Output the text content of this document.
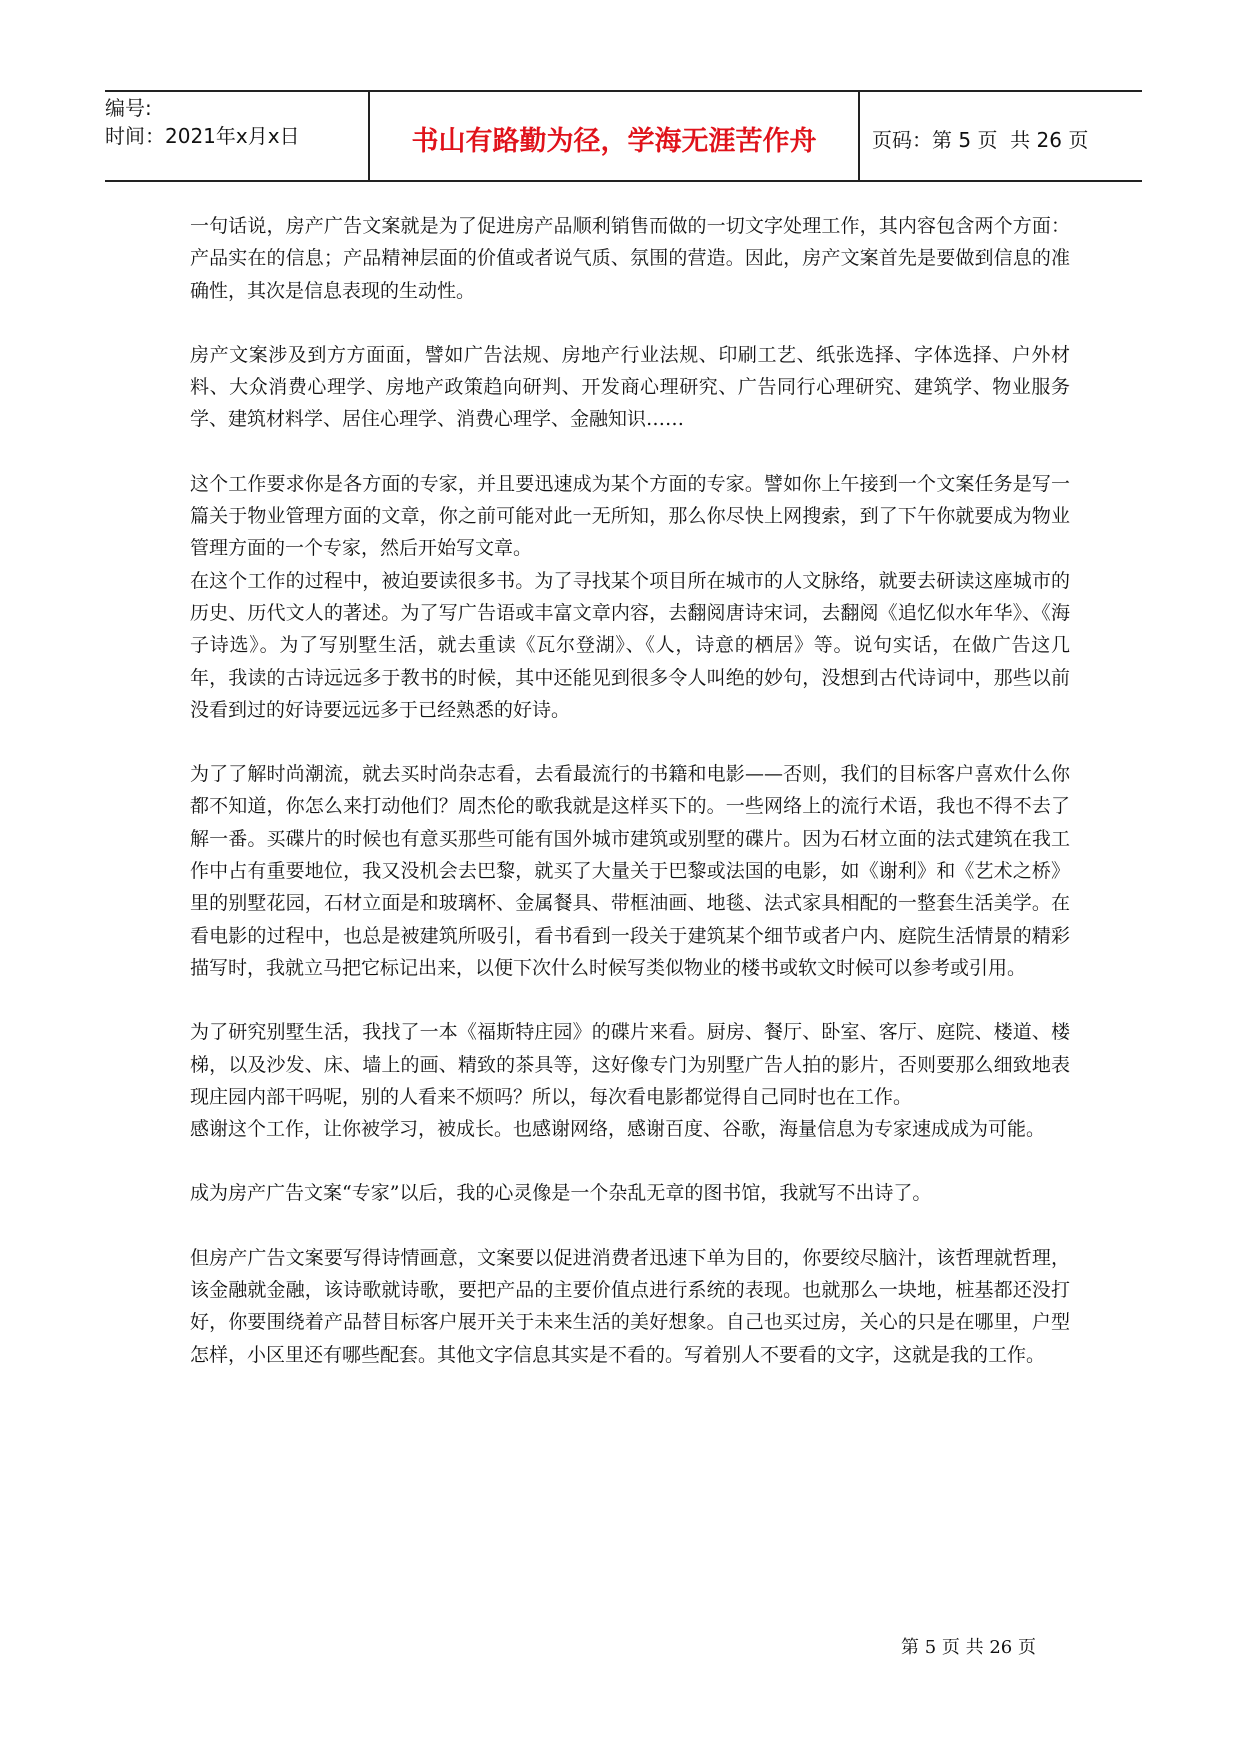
编号:
时间：2021年x月x日	书山有路勤为径，学海无涯苦作舟	页码：第 5 页  共 26 页

一句话说，房产广告文案就是为了促进房产品顺利销售而做的一切文字处理工作，其内容包含两个方面：产品实在的信息；产品精神层面的价值或者说气质、氛围的营造。因此，房产文案首先是要做到信息的准确性，其次是信息表现的生动性。

房产文案涉及到方方面面，譬如广告法规、房地产行业法规、印刷工艺、纸张选择、字体选择、户外材料、大众消费心理学、房地产政策趋向研判、开发商心理研究、广告同行心理研究、建筑学、物业服务学、建筑材料学、居住心理学、消费心理学、金融知识……

这个工作要求你是各方面的专家，并且要迅速成为某个方面的专家。譬如你上午接到一个文案任务是写一篇关于物业管理方面的文章，你之前可能对此一无所知，那么你尽快上网搜索，到了下午你就要成为物业管理方面的一个专家，然后开始写文章。

在这个工作的过程中，被迫要读很多书。为了寻找某个项目所在城市的人文脉络，就要去研读这座城市的历史、历代文人的著述。为了写广告语或丰富文章内容，去翻阅唐诗宋词，去翻阅《追忆似水年华》、《海子诗选》。为了写别墅生活，就去重读《瓦尔登湖》、《人，诗意的栖居》等。说句实话，在做广告这几年，我读的古诗远远多于教书的时候，其中还能见到很多令人叫绝的妙句，没想到古代诗词中，那些以前没看到过的好诗要远远多于已经熟悉的好诗。

为了了解时尚潮流，就去买时尚杂志看，去看最流行的书籍和电影——否则，我们的目标客户喜欢什么你都不知道，你怎么来打动他们？周杰伦的歌我就是这样买下的。一些网络上的流行术语，我也不得不去了解一番。买碟片的时候也有意买那些可能有国外城市建筑或别墅的碟片。因为石材立面的法式建筑在我工作中占有重要地位，我又没机会去巴黎，就买了大量关于巴黎或法国的电影，如《谢利》和《艺术之桥》里的别墅花园，石材立面是和玻璃杯、金属餐具、带框油画、地毯、法式家具相配的一整套生活美学。在看电影的过程中，也总是被建筑所吸引，看书看到一段关于建筑某个细节或者户内、庭院生活情景的精彩描写时，我就立马把它标记出来，以便下次什么时候写类似物业的楼书或软文时候可以参考或引用。

为了研究别墅生活，我找了一本《福斯特庄园》的碟片来看。厨房、餐厅、卧室、客厅、庭院、楼道、楼梯，以及沙发、床、墙上的画、精致的茶具等，这好像专门为别墅广告人拍的影片，否则要那么细致地表现庄园内部干吗呢，别的人看来不烦吗？所以，每次看电影都觉得自己同时也在工作。

感谢这个工作，让你被学习，被成长。也感谢网络，感谢百度、谷歌，海量信息为专家速成成为可能。

成为房产广告文案“专家”以后，我的心灵像是一个杂乱无章的图书馆，我就写不出诗了。

但房产广告文案要写得诗情画意，文案要以促进消费者迅速下单为目的，你要绞尽脑汁，该哲理就哲理，该金融就金融，该诗歌就诗歌，要把产品的主要价值点进行系统的表现。也就那么一块地，桩基都还没打好，你要围绕着产品替目标客户展开关于未来生活的美好想象。自己也买过房，关心的只是在哪里，户型怎样，小区里还有哪些配套。其他文字信息其实是不看的。写着别人不要看的文字，这就是我的工作。

第 5 页 共 26 页
